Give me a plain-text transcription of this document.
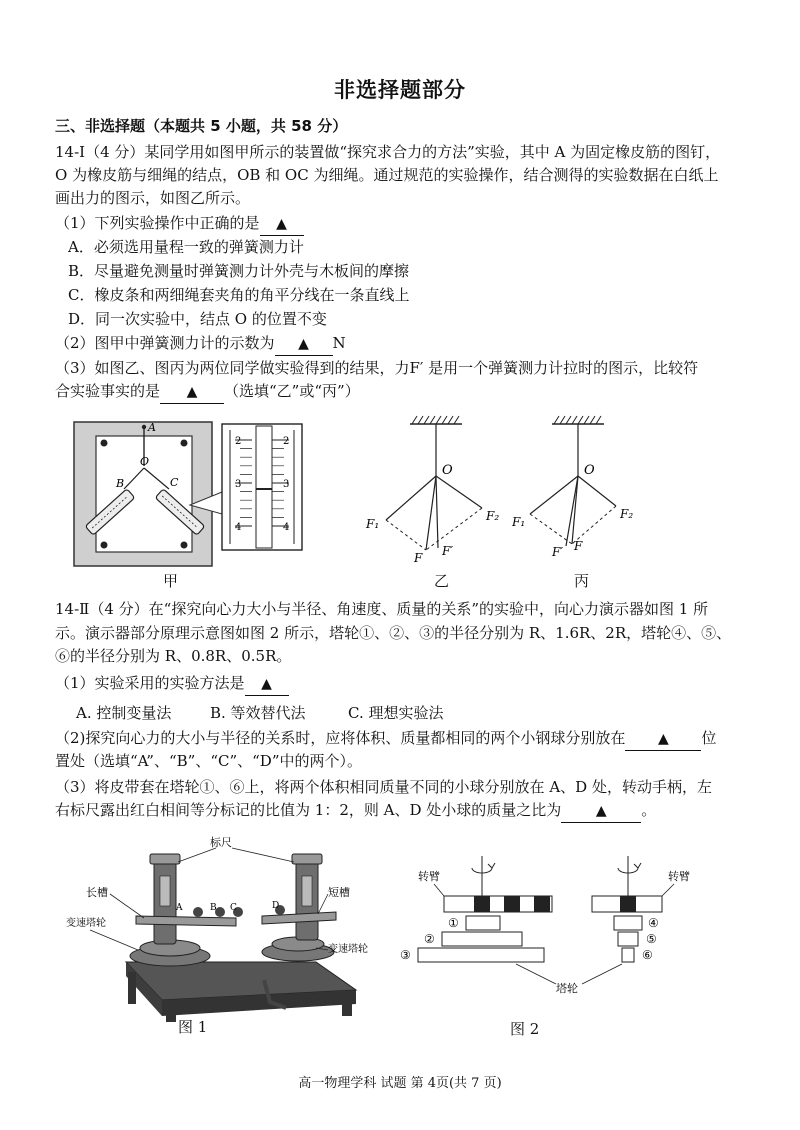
非选择题部分
三、非选择题（本题共 5 小题，共 58 分）
14-Ⅰ（4 分）某同学用如图甲所示的装置做“探究求合力的方法”实验，其中 A 为固定橡皮筋的图钉，
O 为橡皮筋与细绳的结点，OB 和 OC 为细绳。通过规范的实验操作，结合测得的实验数据在白纸上
画出力的图示，如图乙所示。
（1）下列实验操作中正确的是 ▲
A．必须选用量程一致的弹簧测力计
B．尽量避免测量时弹簧测力计外壳与木板间的摩擦
C．橡皮条和两细绳套夹角的角平分线在一条直线上
D．同一次实验中，结点 O 的位置不变
（2）图甲中弹簧测力计的示数为 ▲ N
（3）如图乙、图丙为两位同学做实验得到的结果，力F′ 是用一个弹簧测力计拉时的图示，比较符
合实验事实的是 ▲ （选填“乙”或“丙”）
A
O
B	C
2
3
4
2
3
4
甲
O
F₁
F₂
F F′
乙
O
F₁
F₂
F′ F
丙
14-Ⅱ（4 分）在“探究向心力大小与半径、角速度、质量的关系”的实验中，向心力演示器如图 1 所
示。演示器部分原理示意图如图 2 所示，塔轮①、②、③的半径分别为 R、1.6R、2R，塔轮④、⑤、
⑥的半径分别为 R、0.8R、0.5R。
（1）实验采用的实验方法是 ▲
A. 控制变量法	B. 等效替代法	C. 理想实验法
（2)探究向心力的大小与半径的关系时，应将体积、质量都相同的两个小钢球分别放在 ▲ 位
置处（选填“A”、“B”、“C”、“D”中的两个）。
（3）将皮带套在塔轮①、⑥上，将两个体积相同质量不同的小球分别放在 A、D 处，转动手柄，左
右标尺露出红白相间等分标记的比值为 1：2，则 A、D 处小球的质量之比为 ▲ 。
A	B C	D
标尺
长槽	短槽
变速塔轮
变速塔轮
图 1
转臂	转臂
①
②
③
④
⑤
⑥
塔轮
图 2
高一物理学科 试题 第 4页(共 7 页)
